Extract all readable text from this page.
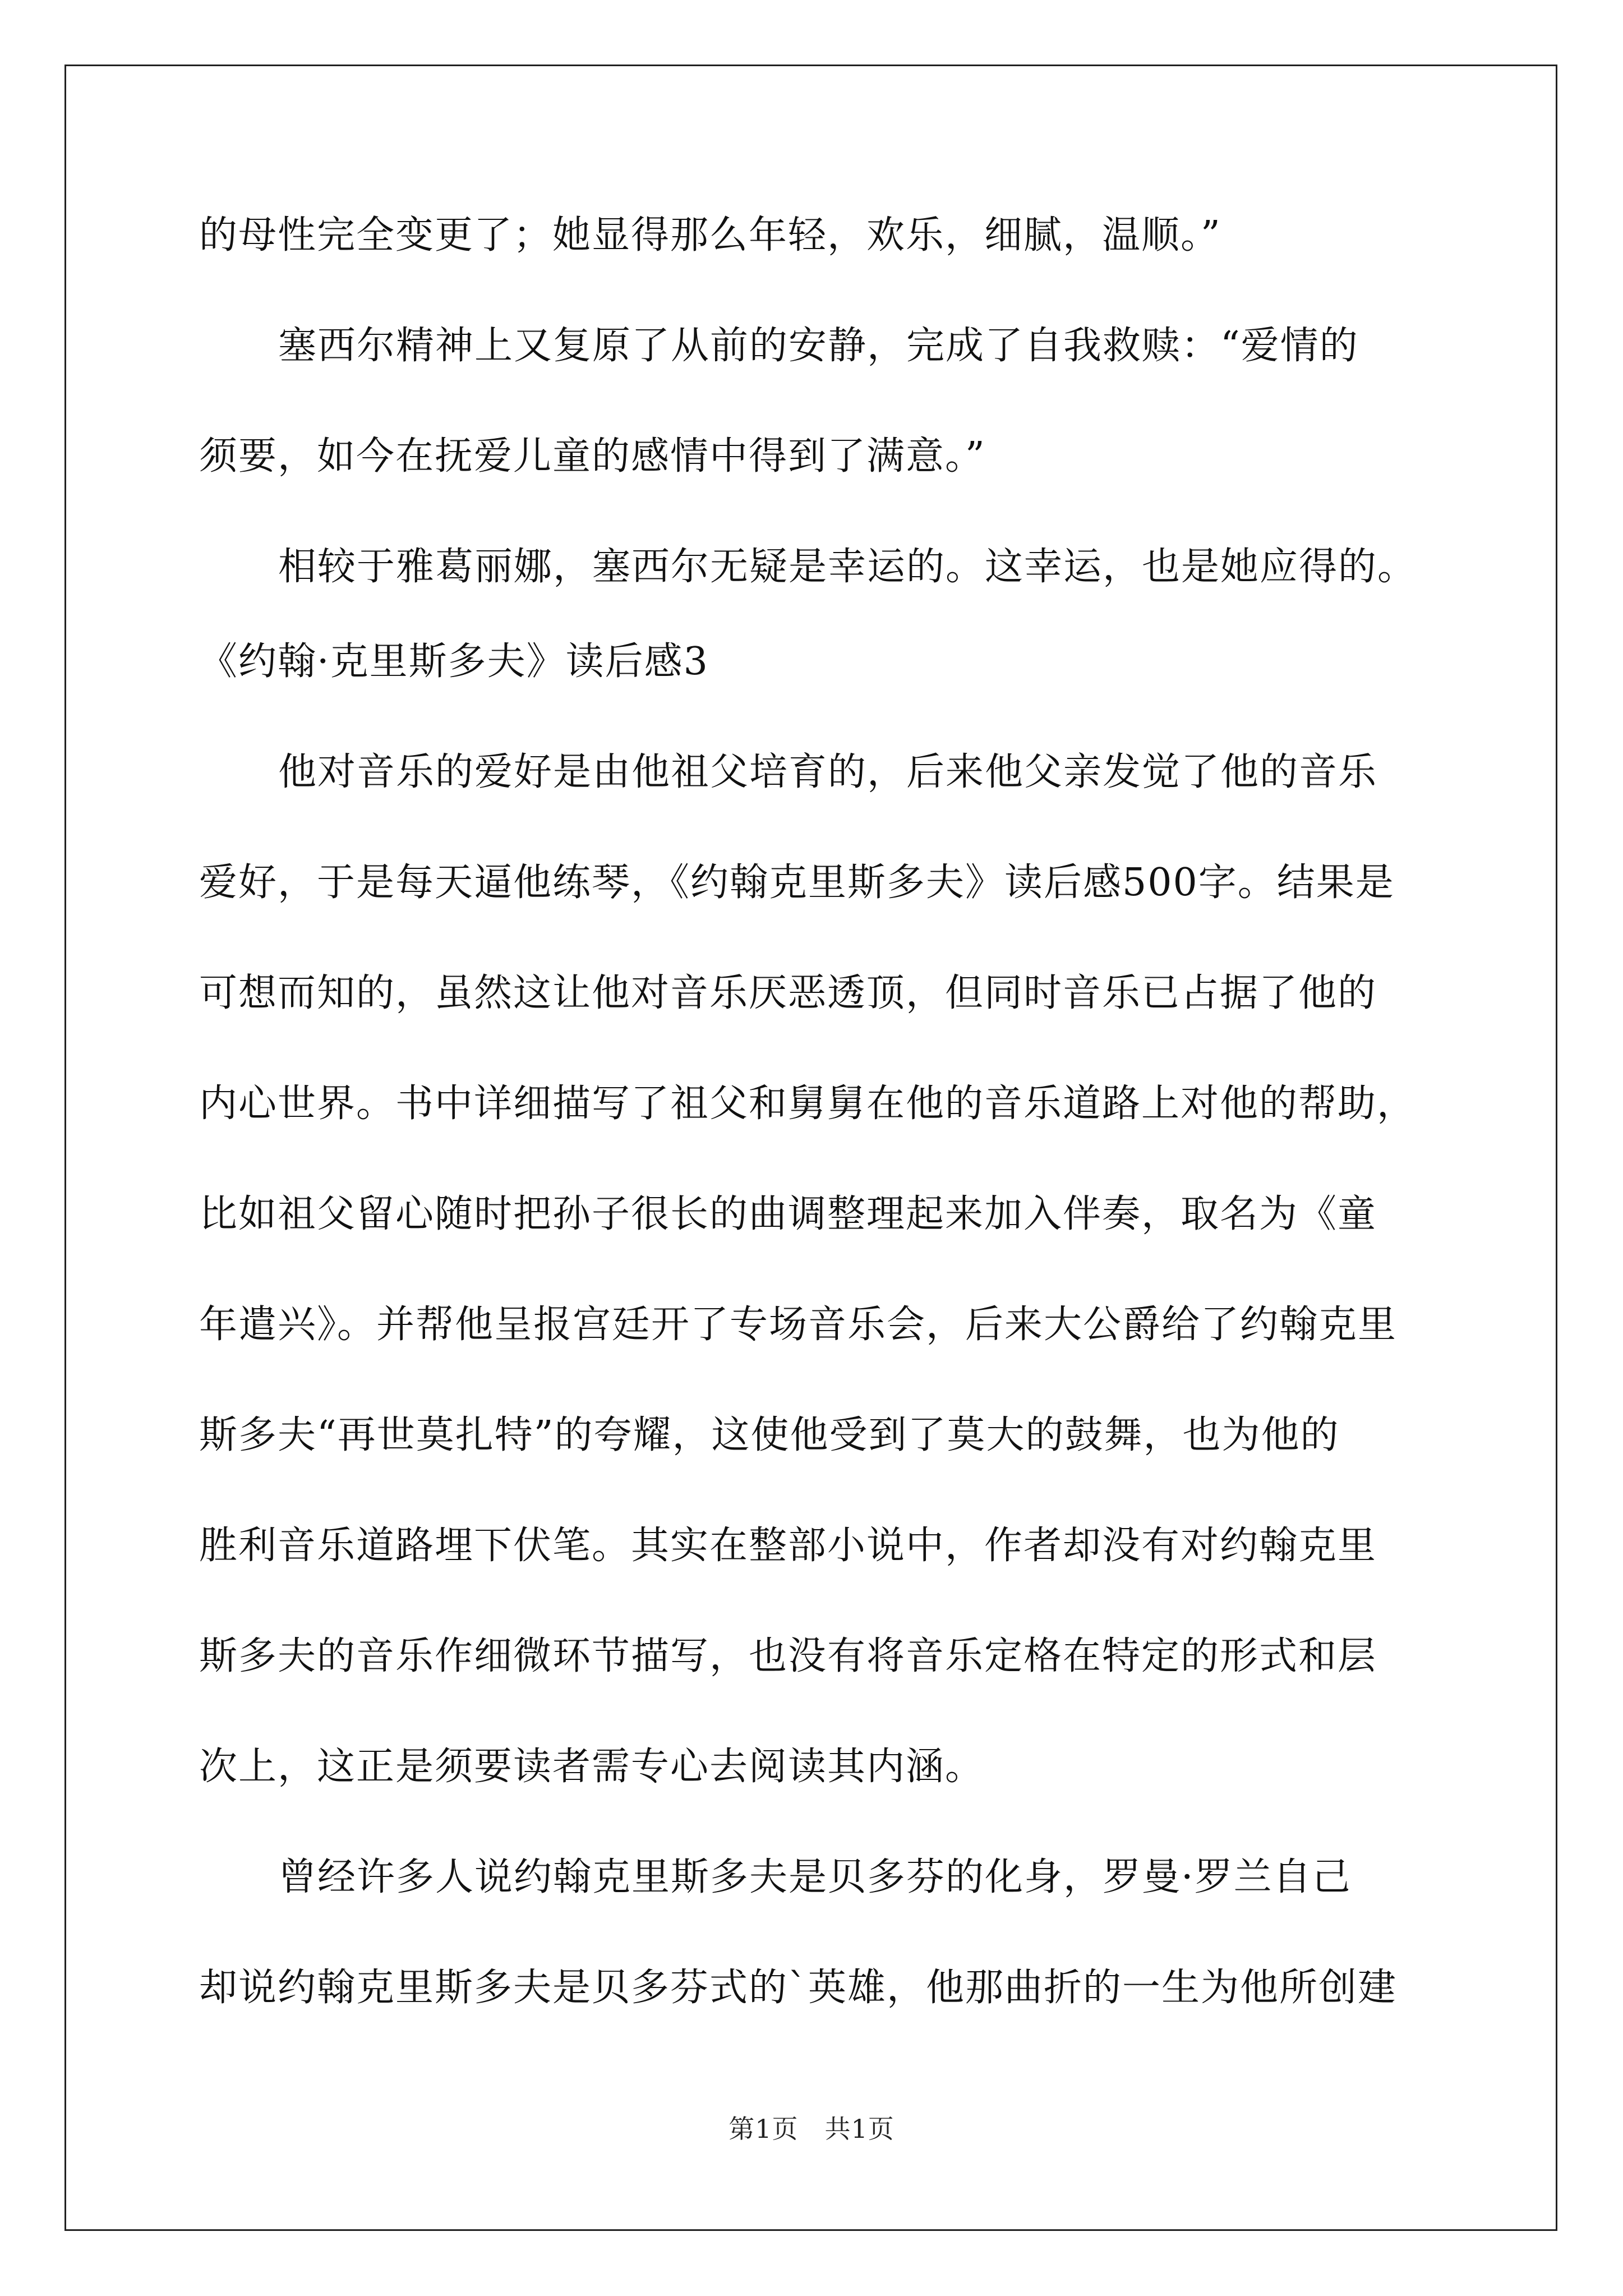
的母性完全变更了；她显得那么年轻，欢乐，细腻，温顺。”
塞西尔精神上又复原了从前的安静，完成了自我救赎：“爱情的
须要，如今在抚爱儿童的感情中得到了满意。”
相较于雅葛丽娜，塞西尔无疑是幸运的。这幸运，也是她应得的。
《约翰·克里斯多夫》读后感3
他对音乐的爱好是由他祖父培育的，后来他父亲发觉了他的音乐
爱好，于是每天逼他练琴，《约翰克里斯多夫》读后感500字。结果是
可想而知的，虽然这让他对音乐厌恶透顶，但同时音乐已占据了他的
内心世界。书中详细描写了祖父和舅舅在他的音乐道路上对他的帮助，
比如祖父留心随时把孙子很长的曲调整理起来加入伴奏，取名为《童
年遣兴》。并帮他呈报宫廷开了专场音乐会，后来大公爵给了约翰克里
斯多夫“再世莫扎特”的夸耀，这使他受到了莫大的鼓舞，也为他的
胜利音乐道路埋下伏笔。其实在整部小说中，作者却没有对约翰克里
斯多夫的音乐作细微环节描写，也没有将音乐定格在特定的形式和层
次上，这正是须要读者需专心去阅读其内涵。
曾经许多人说约翰克里斯多夫是贝多芬的化身，罗曼·罗兰自己
却说约翰克里斯多夫是贝多芬式的`英雄，他那曲折的一生为他所创建
第1页　共1页
